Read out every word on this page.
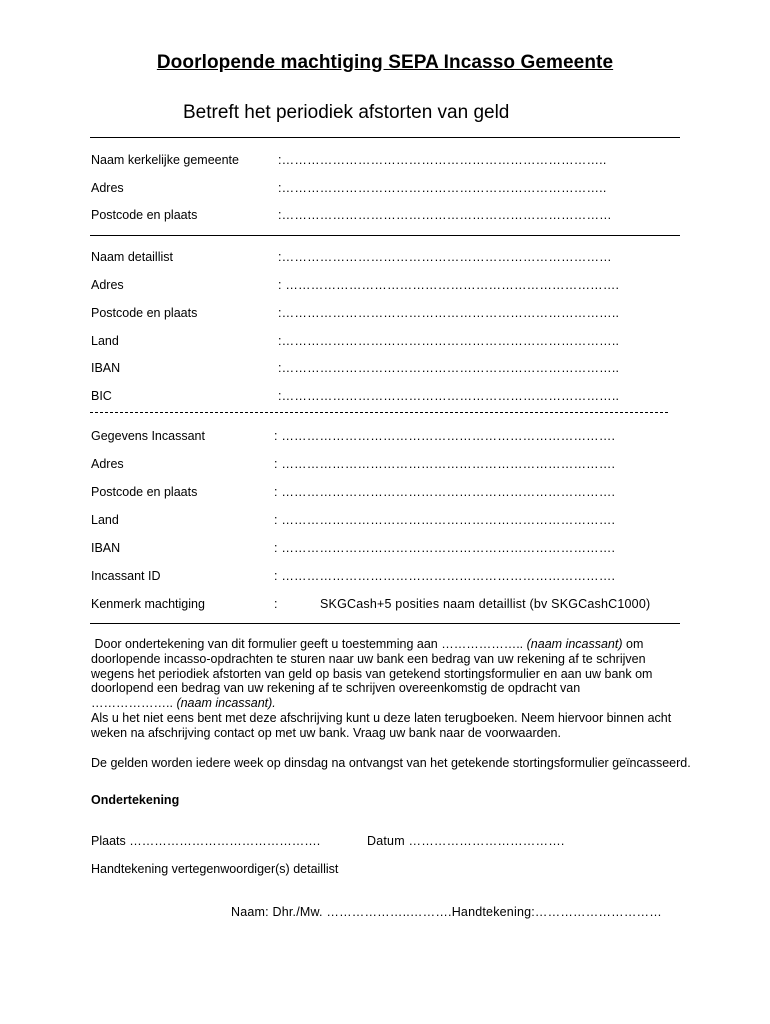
Doorlopende machtiging SEPA Incasso Gemeente
Betreft het periodiek afstorten van geld
Naam kerkelijke gemeente	:…………………………………………………………………..
Adres	:…………………………………………………………………..
Postcode en plaats	:……………………………………………………………………
Naam detaillist	:……………………………………………………………………
Adres	: …………………………………………………………………….
Postcode en plaats	:……………………………………………………………………..
Land	:……………………………………………………………………..
IBAN	:……………………………………………………………………..
BIC	:……………………………………………………………………..
Gegevens Incassant	: …………………………………………………………………….
Adres	: …………………………………………………………………….
Postcode en plaats	: …………………………………………………………………….
Land	: …………………………………………………………………….
IBAN	: …………………………………………………………………….
Incassant ID	: …………………………………………………………………….
Kenmerk machtiging	:	SKGCash+5 posities naam detaillist (bv SKGCashC1000)

Door ondertekening van dit formulier geeft u toestemming aan ……………….. (naam incassant) om doorlopende incasso-opdrachten te sturen naar uw bank een bedrag van uw rekening af te schrijven wegens het periodiek afstorten van geld op basis van getekend stortingsformulier en aan uw bank om doorlopend een bedrag van uw rekening af te schrijven overeenkomstig de opdracht van
……………….. (naam incassant).

Als u het niet eens bent met deze afschrijving kunt u deze laten terugboeken. Neem hiervoor binnen acht weken na afschrijving contact op met uw bank. Vraag uw bank naar de voorwaarden.

De gelden worden iedere week op dinsdag na ontvangst van het getekende stortingsformulier geïncasseerd.

Ondertekening
Plaats ……………………………………….	Datum ……………………………….
Handtekening vertegenwoordiger(s) detaillist
Naam: Dhr./Mw. ………………..……….Handtekening:…………………………
